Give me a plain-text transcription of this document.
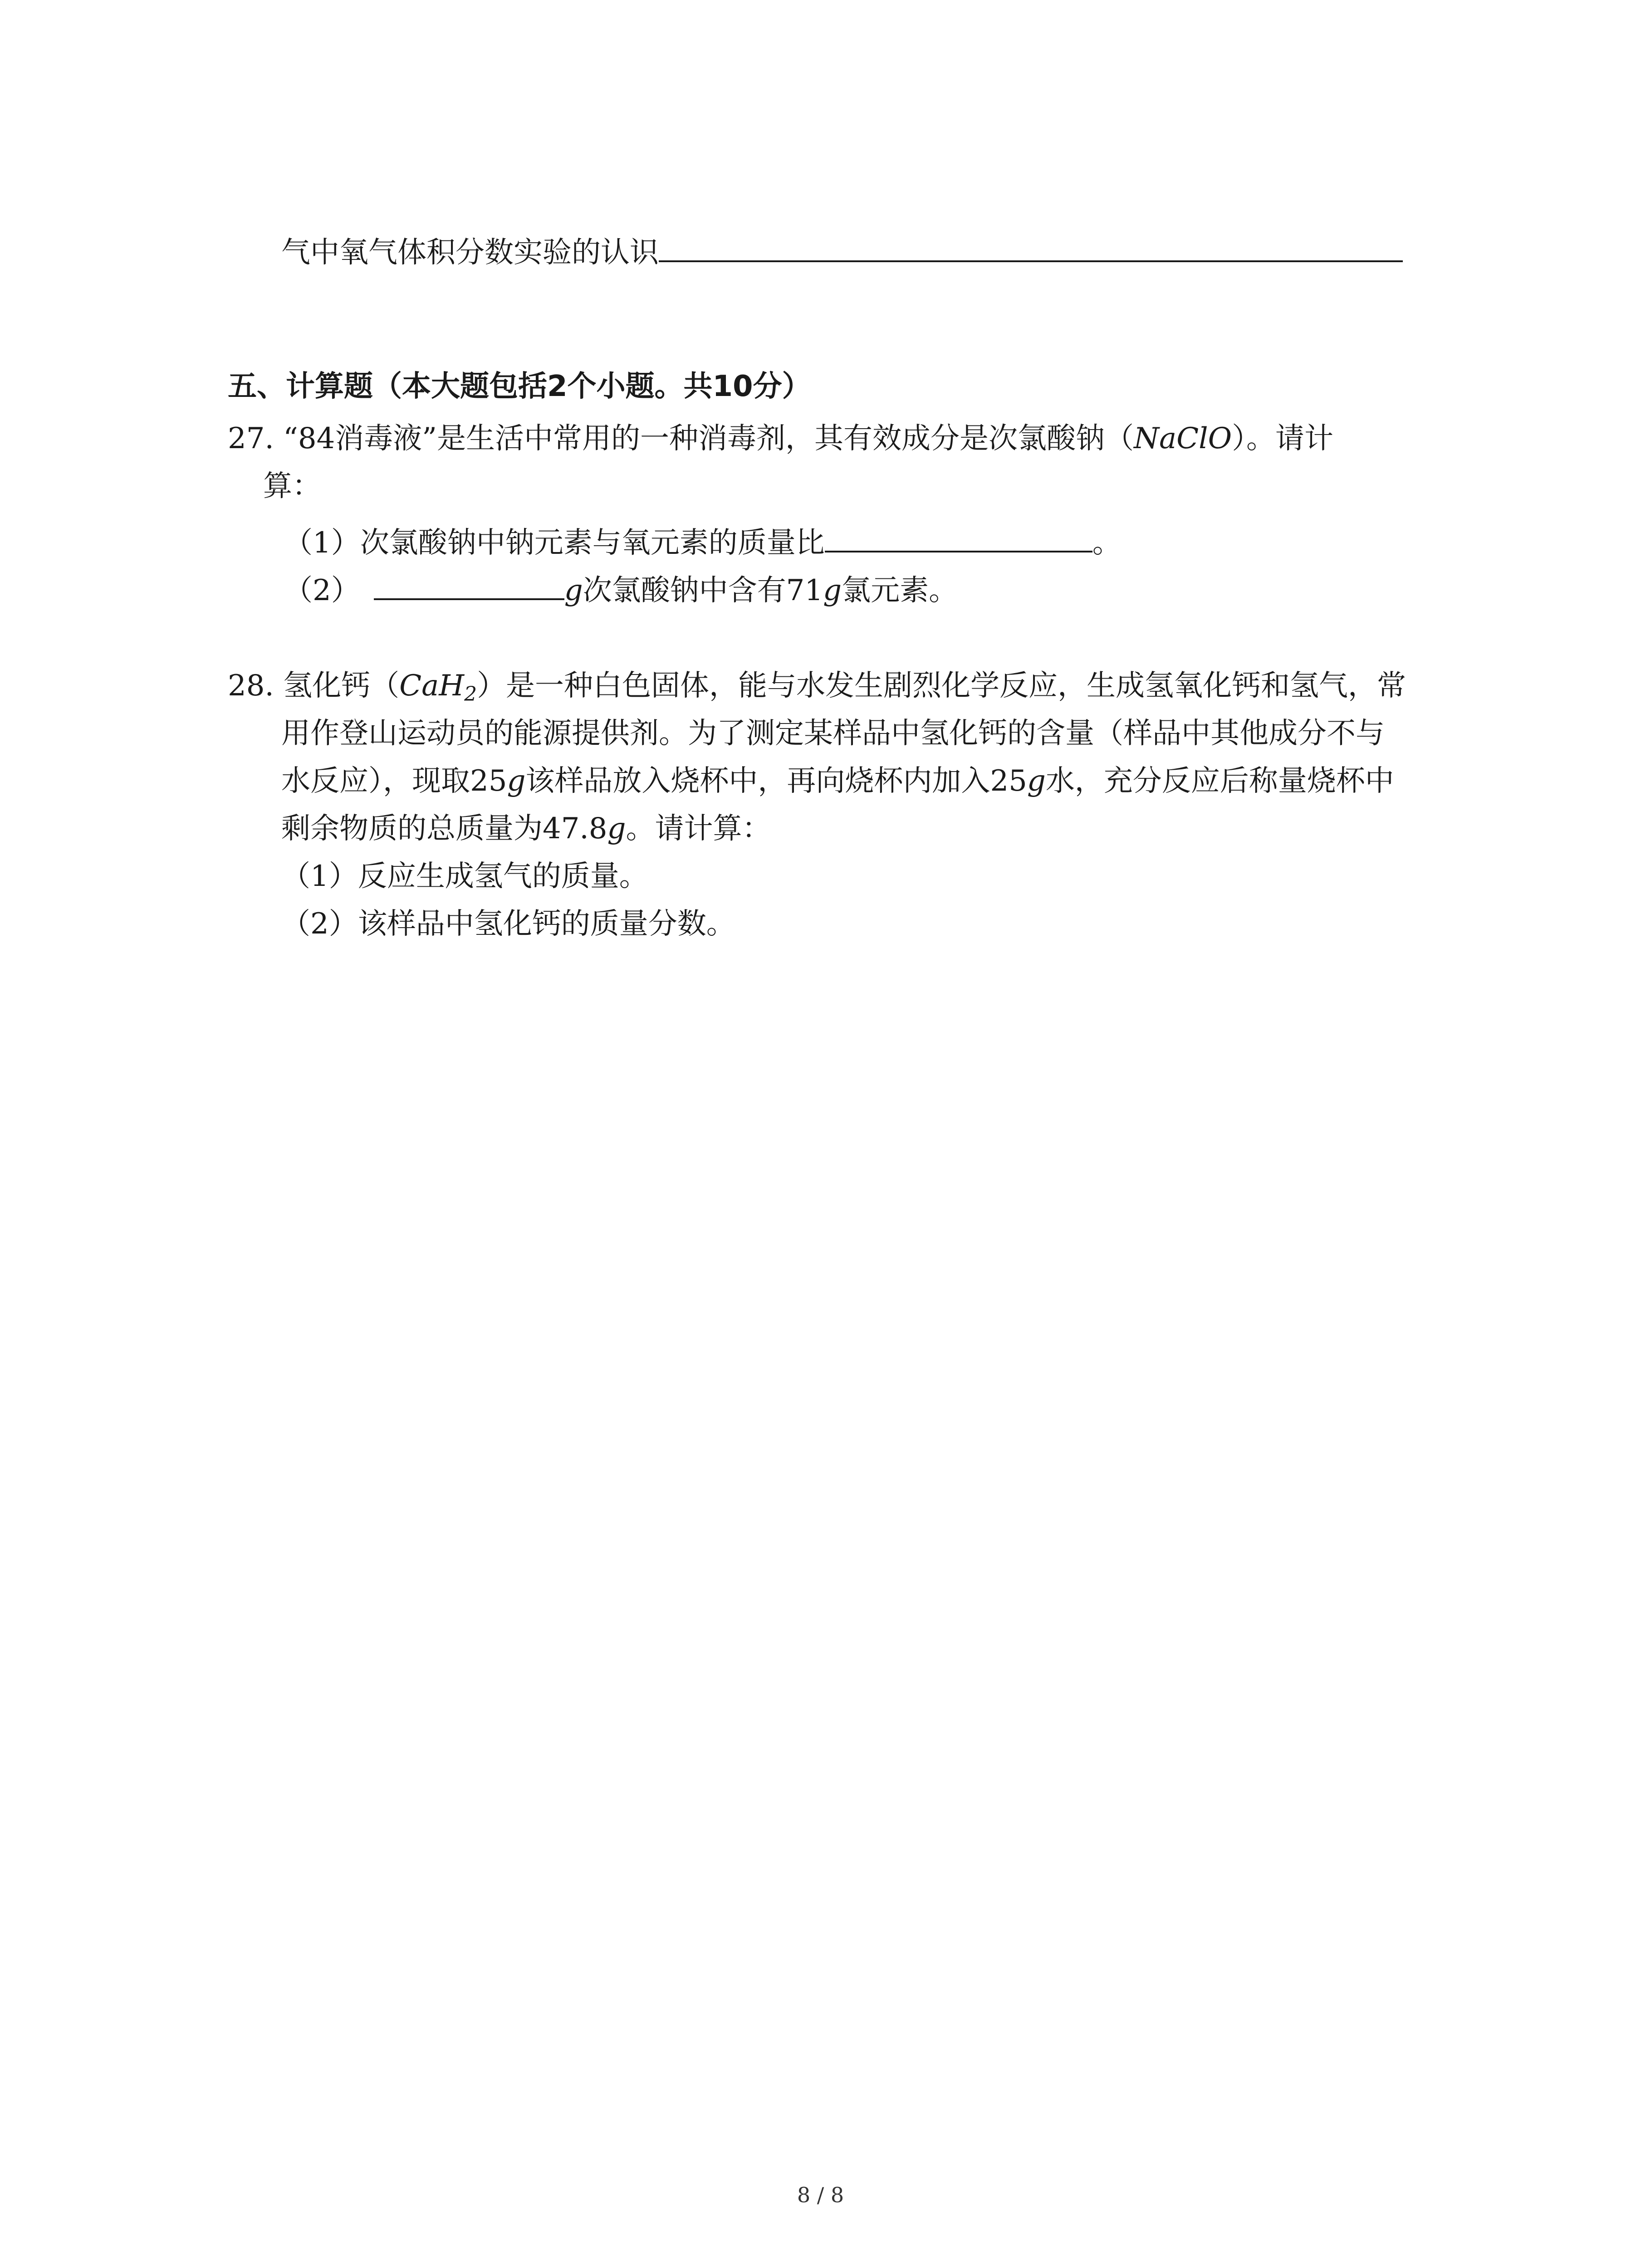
气中氧气体积分数实验的认识
五、计算题（本大题包括2个小题。共10分）
27. “84消毒液”是生活中常用的一种消毒剂，其有效成分是次氯酸钠（NaClO）。请计
算：
（1）次氯酸钠中钠元素与氧元素的质量比	。
（2）	g次氯酸钠中含有71g氯元素。
28. 氢化钙（CaH$_2$）是一种白色固体，能与水发生剧烈化学反应，生成氢氧化钙和氢气，常
用作登山运动员的能源提供剂。为了测定某样品中氢化钙的含量（样品中其他成分不与
水反应），现取25g该样品放入烧杯中，再向烧杯内加入25g水，充分反应后称量烧杯中
剩余物质的总质量为47.8g。请计算：
（1）反应生成氢气的质量。
（2）该样品中氢化钙的质量分数。
8 / 8
